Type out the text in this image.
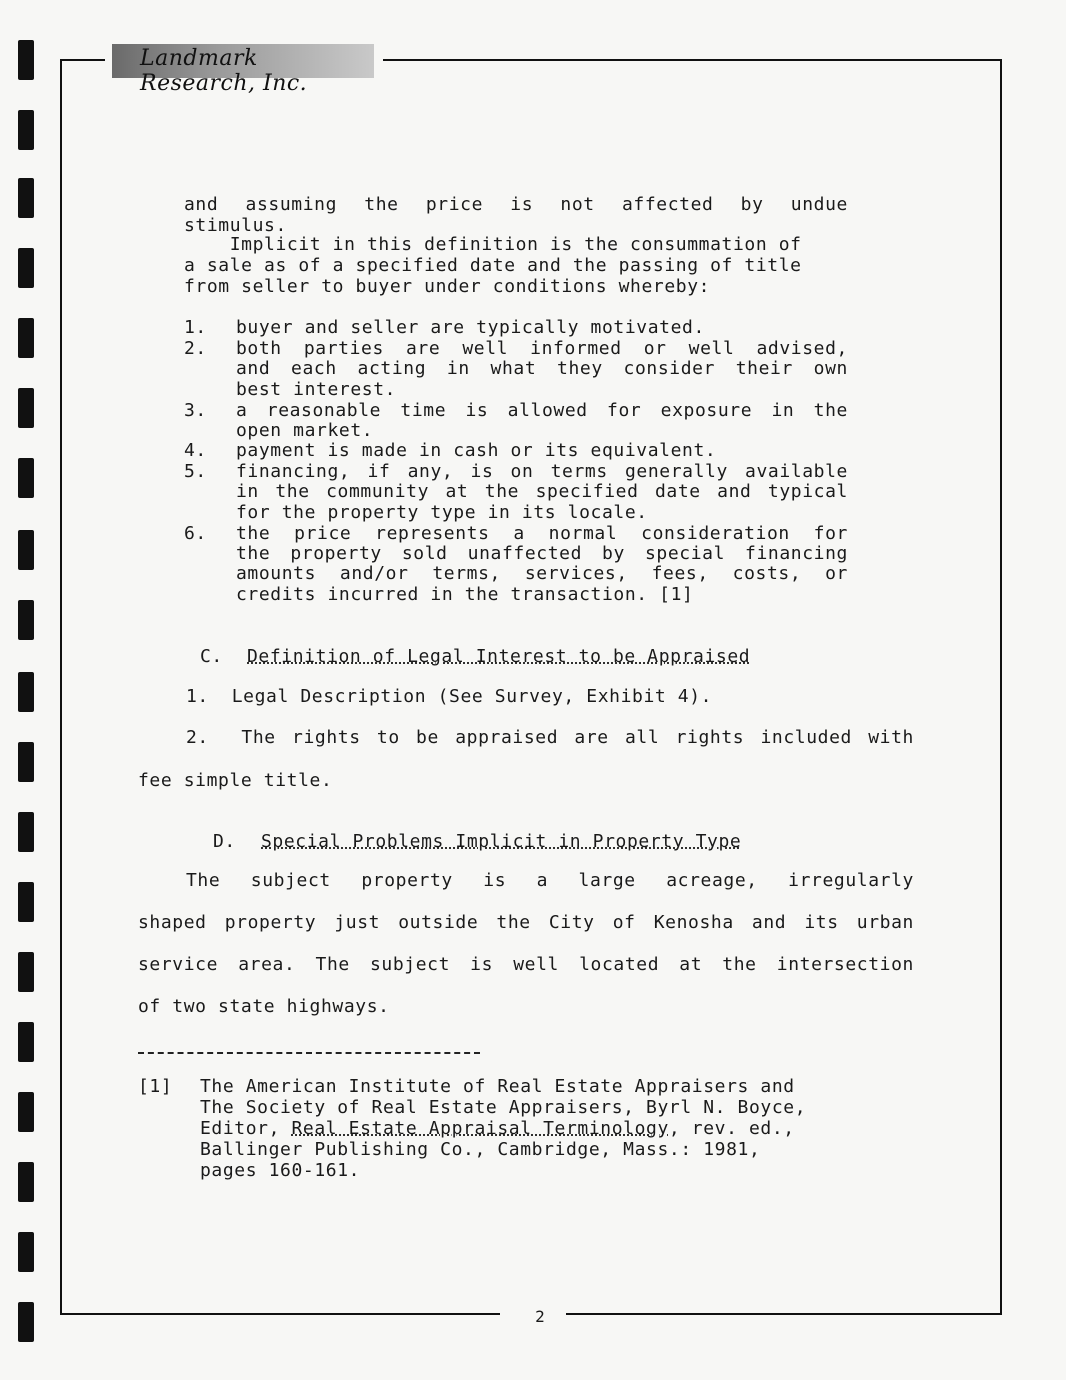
Landmark Research, Inc.
and assuming the price is not affected by undue
stimulus.
Implicit in this definition is the consummation of
a sale as of a specified date and the passing of title
from seller to buyer under conditions whereby:
1. buyer and seller are typically motivated.
2. both parties are well informed or well advised,
and each acting in what they consider their own
best interest.
3. a reasonable time is allowed for exposure in the
open market.
4. payment is made in cash or its equivalent.
5. financing, if any, is on terms generally available
in the community at the specified date and typical
for the property type in its locale.
6. the price represents a normal consideration for
the property sold unaffected by special financing
amounts and/or terms, services, fees, costs, or
credits incurred in the transaction. [1]
C. Definition of Legal Interest to be Appraised
1.  Legal Description (See Survey, Exhibit 4).
2.  The rights to be appraised are all rights included with
fee simple title.
D. Special Problems Implicit in Property Type
The subject property is a large acreage, irregularly
shaped property just outside the City of Kenosha and its urban
service area. The subject is well located at the intersection
of two state highways.
[1] The American Institute of Real Estate Appraisers and
The Society of Real Estate Appraisers, Byrl N. Boyce,
Editor, Real Estate Appraisal Terminology, rev. ed.,
Ballinger Publishing Co., Cambridge, Mass.: 1981,
pages 160-161.
2
